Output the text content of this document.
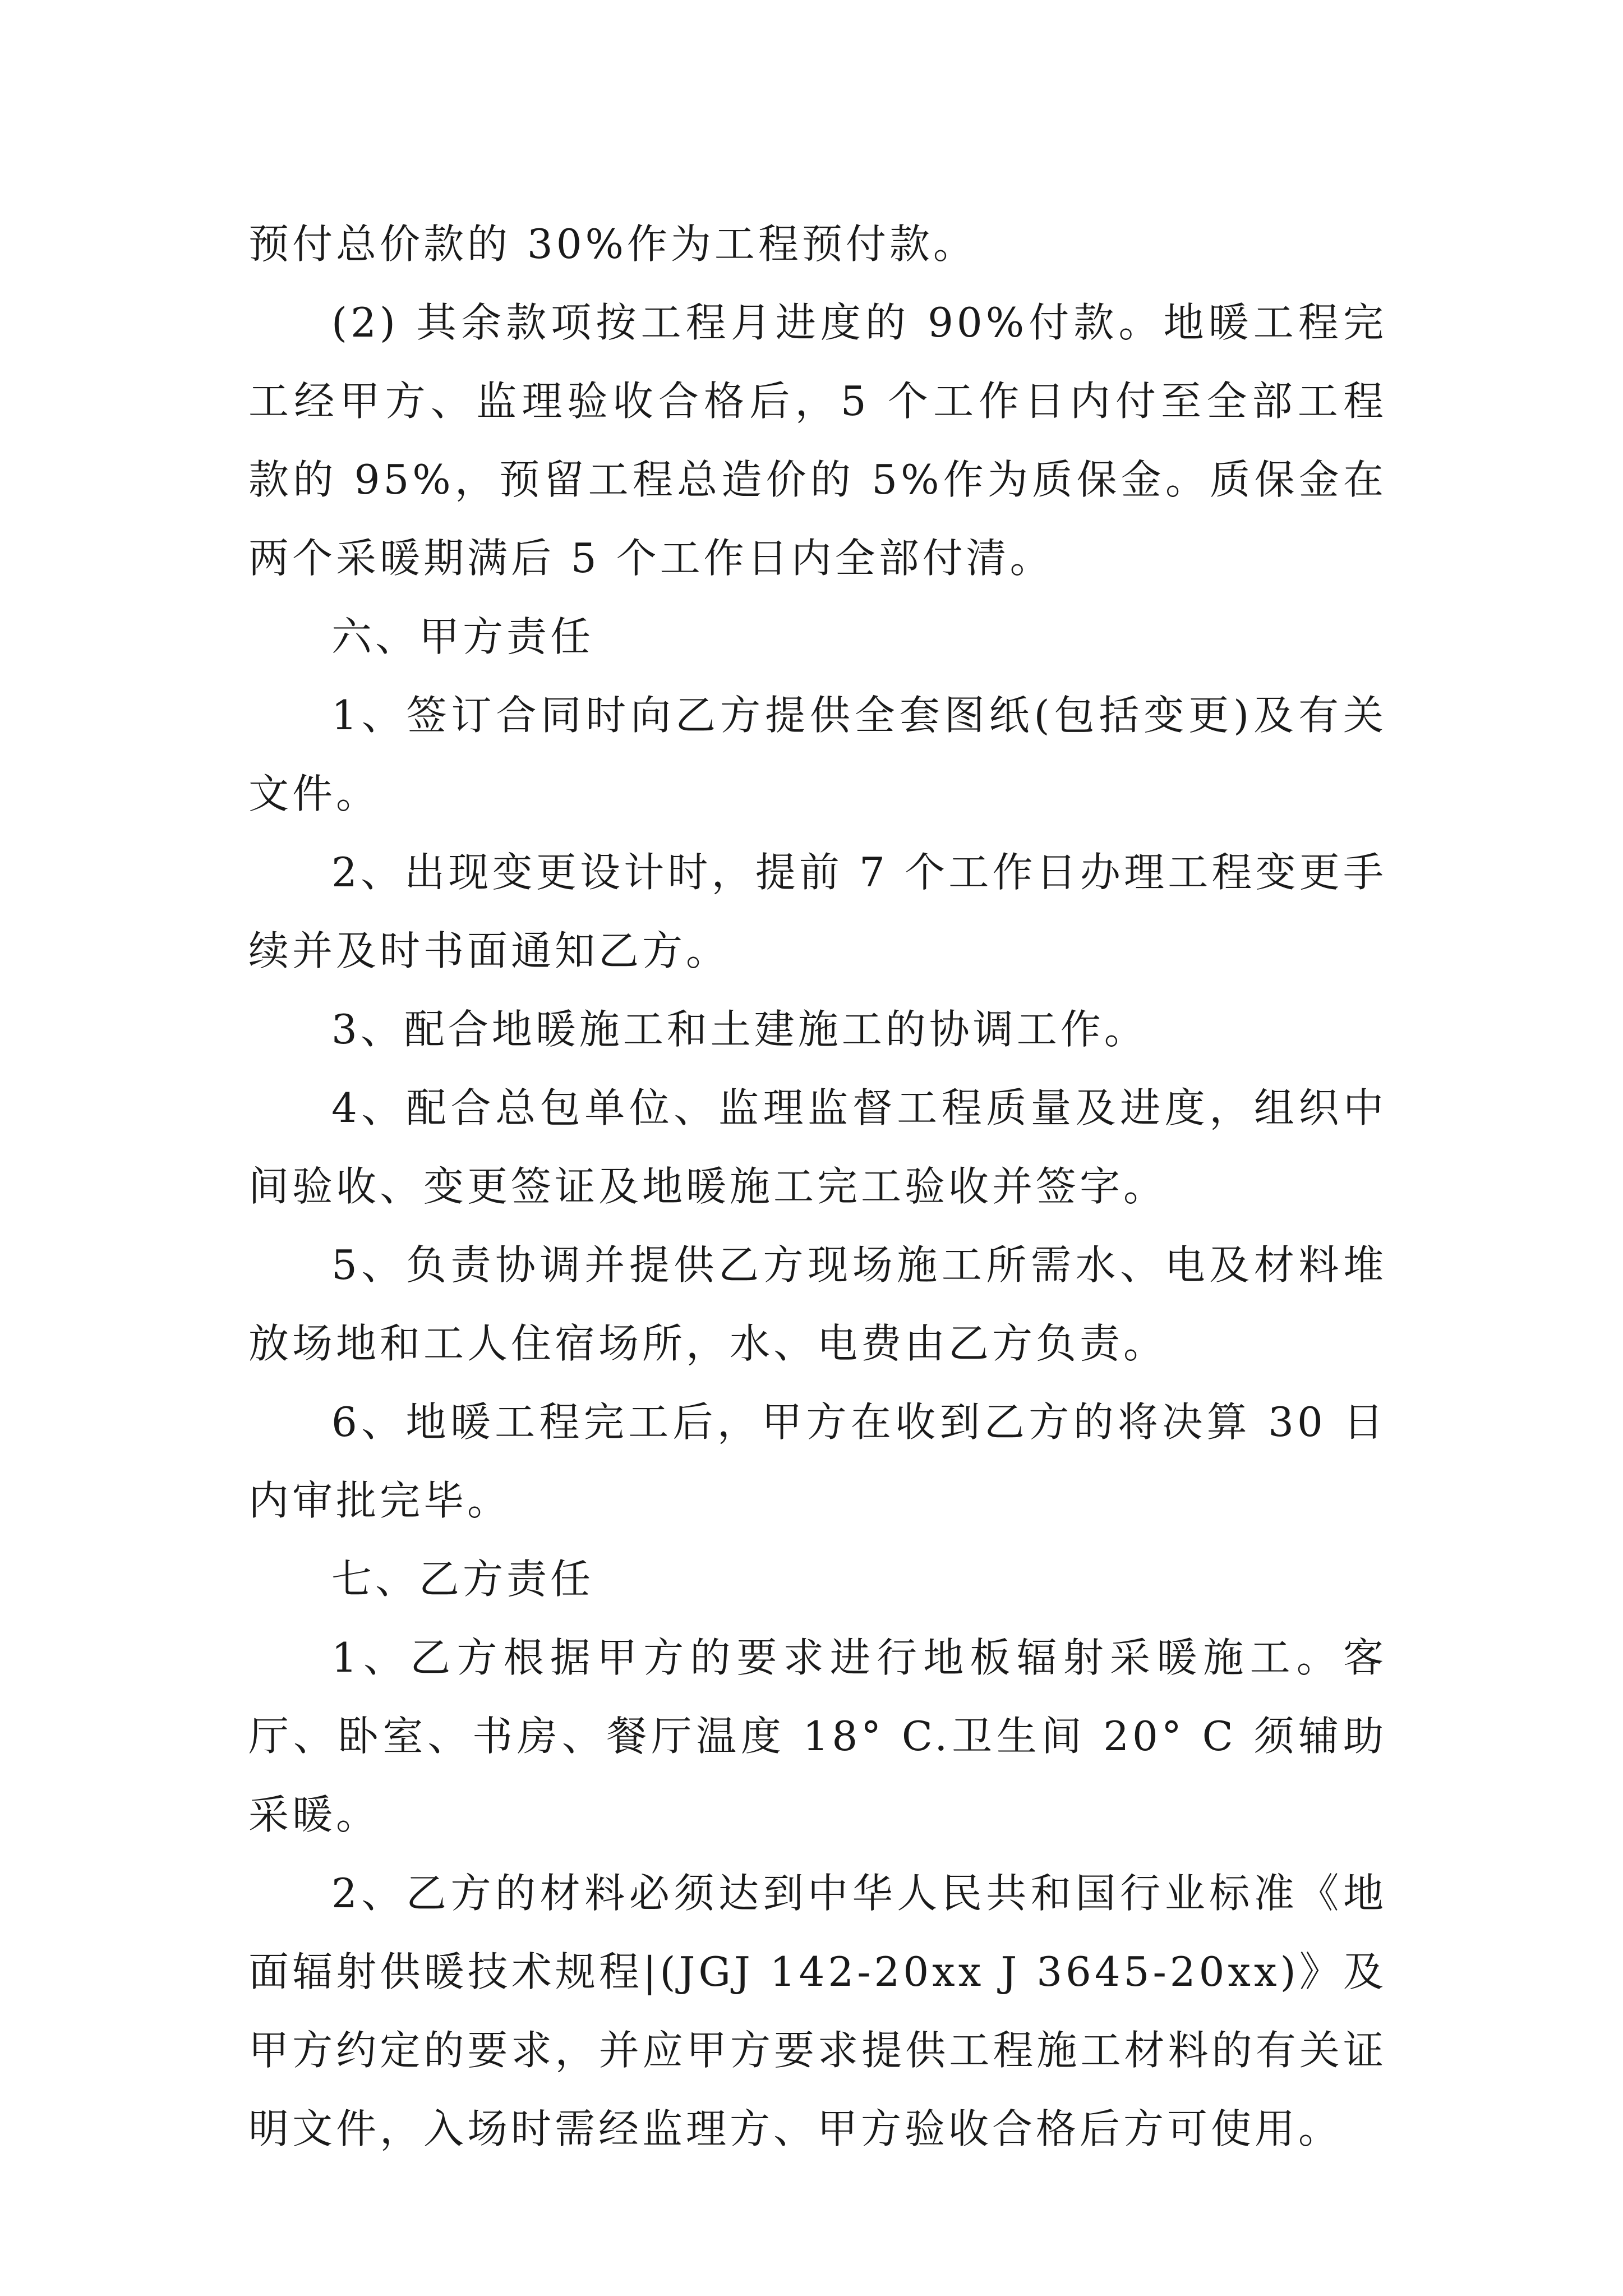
预付总价款的 30%作为工程预付款。

(2) 其余款项按工程月进度的 90%付款。地暖工程完工经甲方、监理验收合格后，5 个工作日内付至全部工程款的 95%，预留工程总造价的 5%作为质保金。质保金在两个采暖期满后 5 个工作日内全部付清。

六、甲方责任

1、签订合同时向乙方提供全套图纸(包括变更)及有关文件。

2、出现变更设计时，提前 7 个工作日办理工程变更手续并及时书面通知乙方。

3、配合地暖施工和土建施工的协调工作。

4、配合总包单位、监理监督工程质量及进度，组织中间验收、变更签证及地暖施工完工验收并签字。

5、负责协调并提供乙方现场施工所需水、电及材料堆放场地和工人住宿场所，水、电费由乙方负责。

6、地暖工程完工后，甲方在收到乙方的将决算 30 日内审批完毕。

七、乙方责任

1、乙方根据甲方的要求进行地板辐射采暖施工。客厅、卧室、书房、餐厅温度 18° C.卫生间 20° C 须辅助采暖。

2、乙方的材料必须达到中华人民共和国行业标准《地面辐射供暖技术规程|(JGJ 142-20xx J 3645-20xx)》及甲方约定的要求，并应甲方要求提供工程施工材料的有关证明文件，入场时需经监理方、甲方验收合格后方可使用。
